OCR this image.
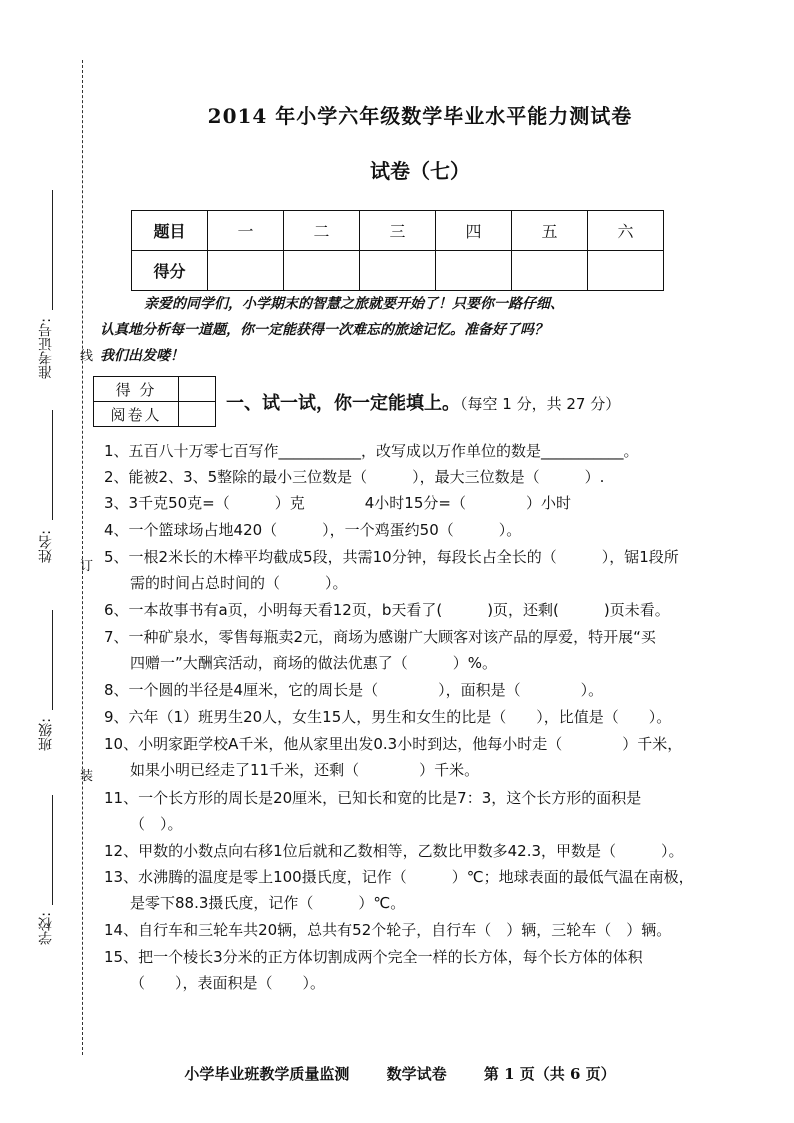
线
订
装
准考证号:
姓名:
班级:
学校:
2014 年小学六年级数学毕业水平能力测试卷
试卷（七）
题目	一	二	三	四	五	六
得分						
亲爱的同学们，小学期末的智慧之旅就要开始了！只要你一路仔细、
认真地分析每一道题，你一定能获得一次难忘的旅途记忆。准备好了吗？
我们出发喽！
得 分	
阅卷人	
一、试一试，你一定能填上。（每空 1 分，共 27 分）
1、五百八十万零七百写作___________，改写成以万作单位的数是___________。
2、能被2、3、5整除的最小三位数是（　　　），最大三位数是（　　　）.
3、3千克50克=（　　　）克　　　　4小时15分=（　　　　）小时
4、一个篮球场占地420（　　　），一个鸡蛋约50（　　　）。
5、一根2米长的木棒平均截成5段，共需10分钟，每段长占全长的（　　　），锯1段所
需的时间占总时间的（　　　）。
6、一本故事书有a页，小明每天看12页，b天看了(　　　)页，还剩(　　　)页未看。
7、一种矿泉水，零售每瓶卖2元，商场为感谢广大顾客对该产品的厚爱，特开展“买
四赠一”大酬宾活动，商场的做法优惠了（　　　）%。
8、一个圆的半径是4厘米，它的周长是（　　　　），面积是（　　　　）。
9、六年（1）班男生20人，女生15人，男生和女生的比是（　　），比值是（　　）。
10、小明家距学校A千米，他从家里出发0.3小时到达，他每小时走（　　　　）千米，
如果小明已经走了11千米，还剩（　　　　）千米。
11、一个长方形的周长是20厘米，已知长和宽的比是7：3，这个长方形的面积是
（　）。
12、甲数的小数点向右移1位后就和乙数相等，乙数比甲数多42.3，甲数是（　　　）。
13、水沸腾的温度是零上100摄氏度，记作（　　　）℃；地球表面的最低气温在南极，
是零下88.3摄氏度，记作（　　　）℃。
14、自行车和三轮车共20辆，总共有52个轮子，自行车（　）辆，三轮车（　）辆。
15、把一个棱长3分米的正方体切割成两个完全一样的长方体，每个长方体的体积
（　　），表面积是（　　）。
小学毕业班教学质量监测 数学试卷 第 1 页（共 6 页）
